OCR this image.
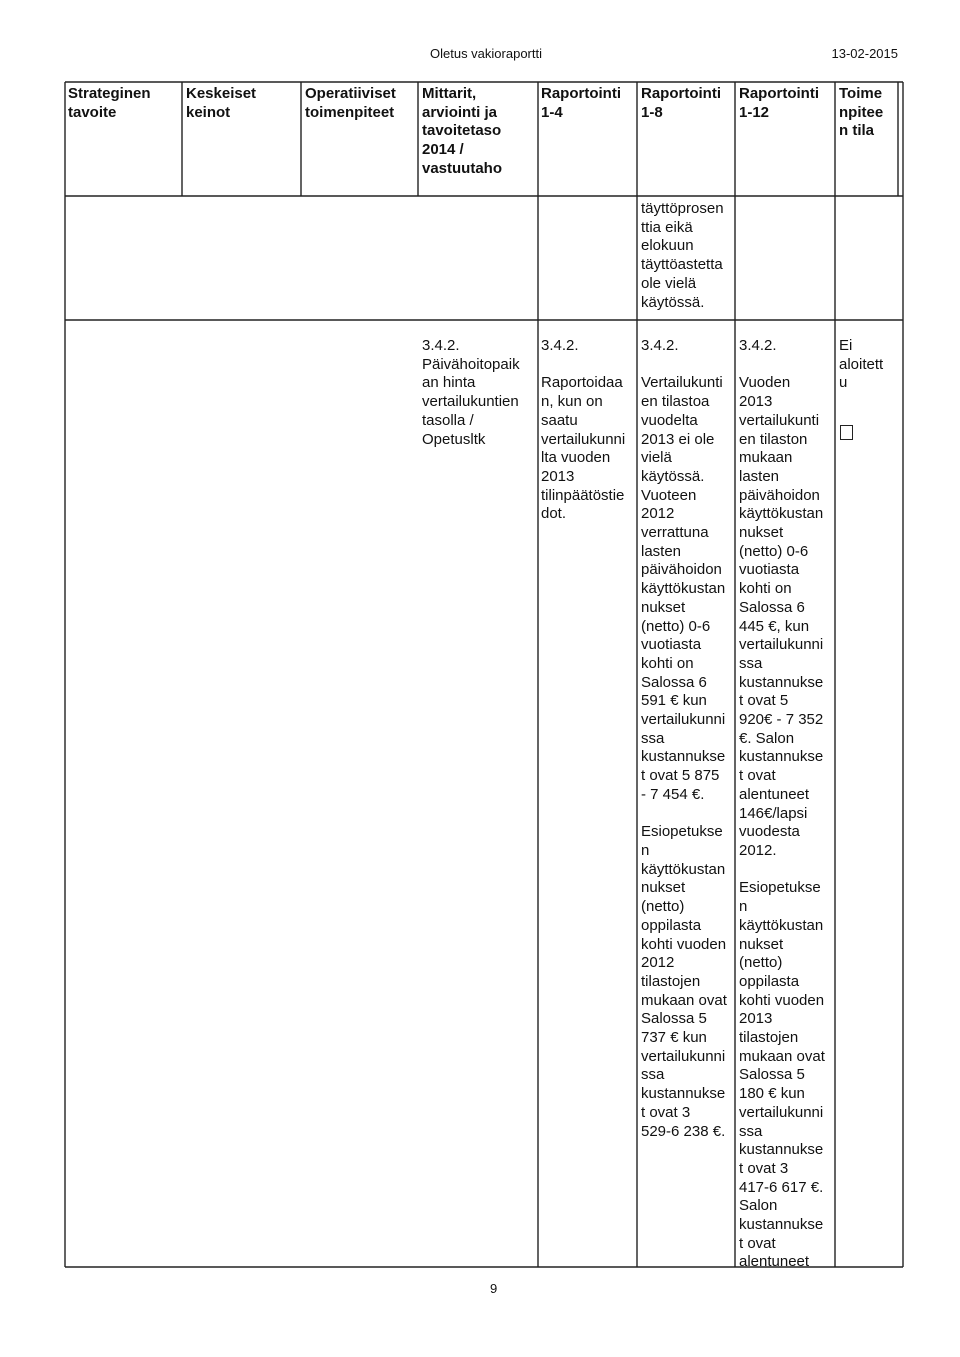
Oletus vakioraportti	13-02-2015
Strateginen
tavoite
Keskeiset
keinot
Operatiiviset
toimenpiteet
Mittarit,
arviointi ja
tavoitetaso
2014 /
vastuutaho
Raportointi
1-4
Raportointi
1-8
Raportointi
1-12
Toime
npitee
n tila
täyttöprosen
ttia eikä
elokuun
täyttöastetta
ole vielä
käytössä.
3.4.2.
Päivähoitopaik
an hinta
vertailukuntien
tasolla /
Opetusltk
3.4.2.

Raportoidaa
n, kun on
saatu
vertailukunni
lta vuoden
2013
tilinpäätöstie
dot.
3.4.2.

Vertailukunti
en tilastoa
vuodelta
2013 ei ole
vielä
käytössä.
Vuoteen
2012
verrattuna
lasten
päivähoidon
käyttökustan
nukset
(netto) 0-6
vuotiasta
kohti on
Salossa 6
591 € kun
vertailukunni
ssa
kustannukse
t ovat 5 875
- 7 454 €.

Esiopetukse
n
käyttökustan
nukset
(netto)
oppilasta
kohti vuoden
2012
tilastojen
mukaan ovat
Salossa 5
737 € kun
vertailukunni
ssa
kustannukse
t ovat 3
529-6 238 €.
3.4.2.

Vuoden
2013
vertailukunti
en tilaston
mukaan
lasten
päivähoidon
käyttökustan
nukset
(netto) 0-6
vuotiasta
kohti on
Salossa 6
445 €, kun
vertailukunni
ssa
kustannukse
t ovat 5
920€ - 7 352
€. Salon
kustannukse
t ovat
alentuneet
146€/lapsi
vuodesta
2012.

Esiopetukse
n
käyttökustan
nukset
(netto)
oppilasta
kohti vuoden
2013
tilastojen
mukaan ovat
Salossa 5
180 € kun
vertailukunni
ssa
kustannukse
t ovat 3
417-6 617 €.
Salon
kustannukse
t ovat
alentuneet
Ei
aloitett
u
9
